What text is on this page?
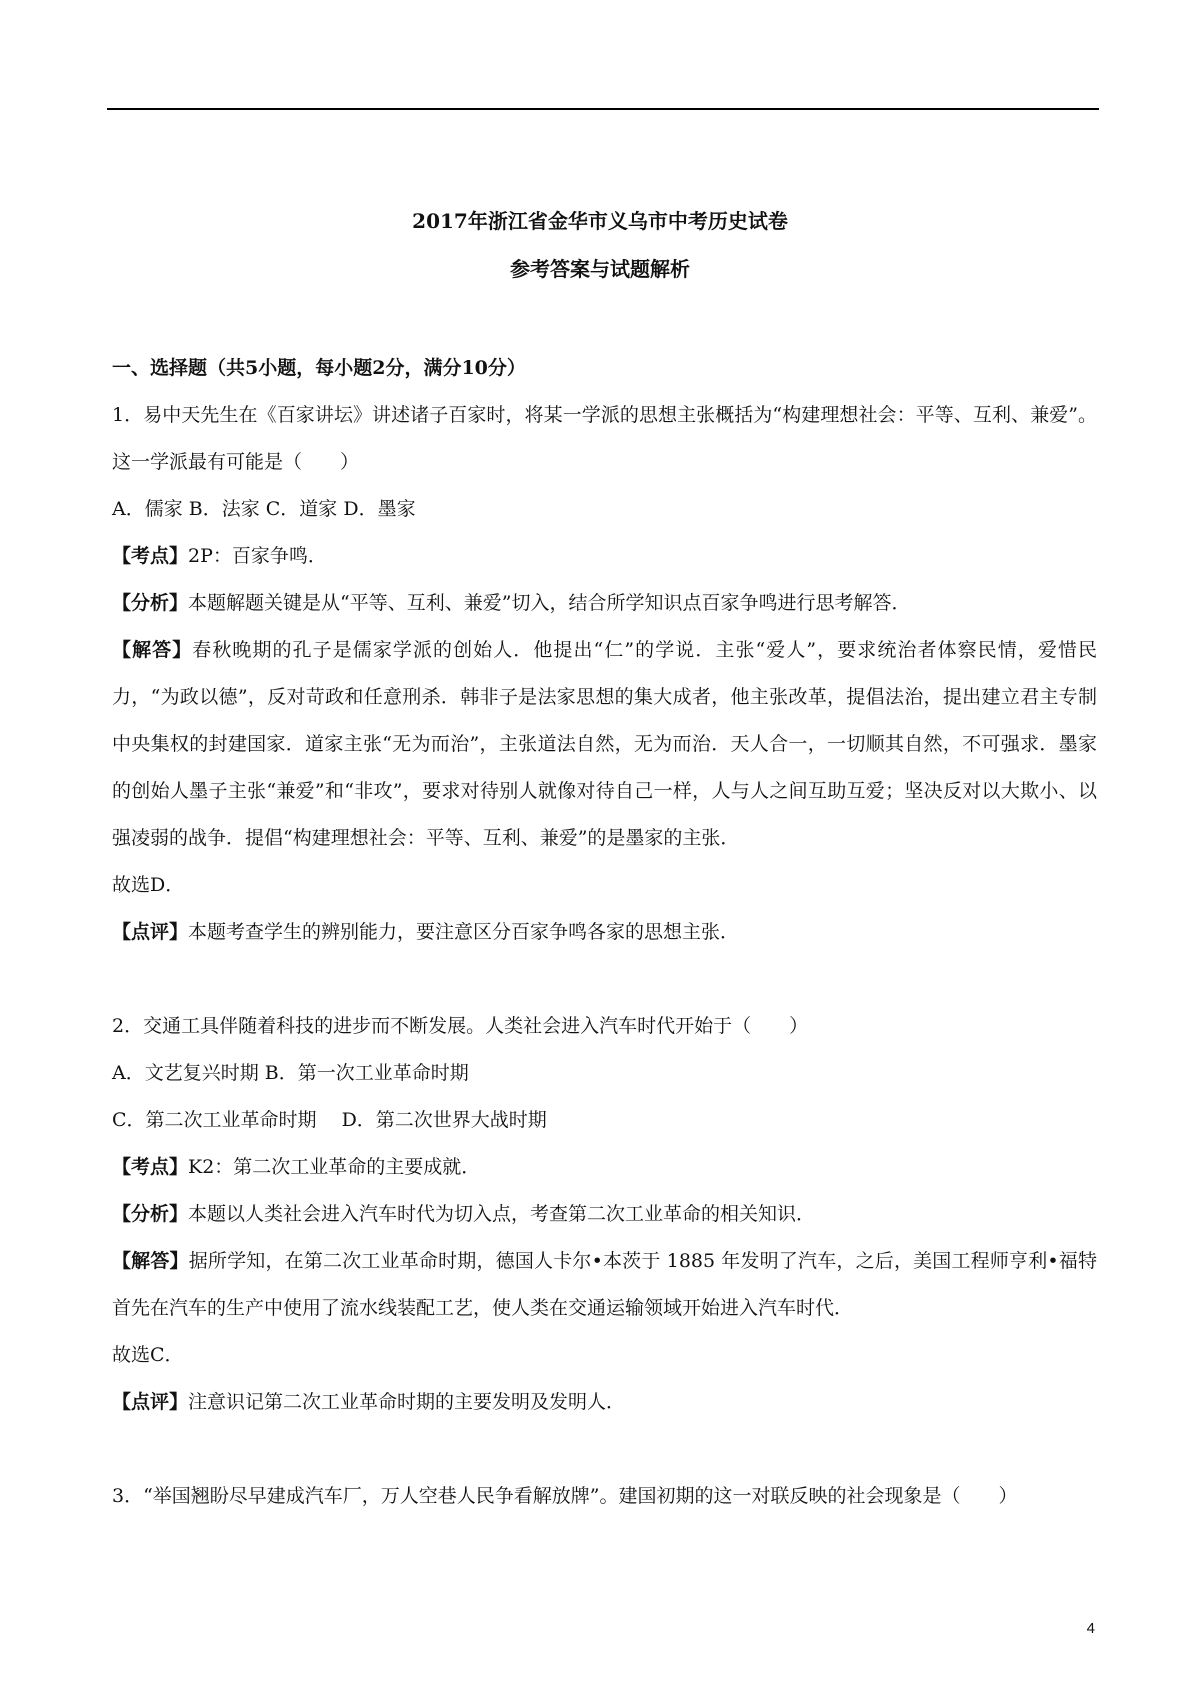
2017年浙江省金华市义乌市中考历史试卷
参考答案与试题解析

一、选择题（共5小题，每小题2分，满分10分）

1．易中天先生在《百家讲坛》讲述诸子百家时，将某一学派的思想主张概括为“构建理想社会：平等、互利、兼爱”。这一学派最有可能是（　　）

A．儒家 B．法家 C．道家 D．墨家

【考点】2P：百家争鸣．

【分析】本题解题关键是从“平等、互利、兼爱”切入，结合所学知识点百家争鸣进行思考解答．

【解答】春秋晚期的孔子是儒家学派的创始人．他提出“仁”的学说．主张“爱人”，要求统治者体察民情，爱惜民力，“为政以德”，反对苛政和任意刑杀．韩非子是法家思想的集大成者，他主张改革，提倡法治，提出建立君主专制中央集权的封建国家．道家主张“无为而治”，主张道法自然，无为而治．天人合一，一切顺其自然，不可强求．墨家的创始人墨子主张“兼爱”和“非攻”，要求对待别人就像对待自己一样，人与人之间互助互爱；坚决反对以大欺小、以强凌弱的战争．提倡“构建理想社会：平等、互利、兼爱”的是墨家的主张．

故选D．

【点评】本题考查学生的辨别能力，要注意区分百家争鸣各家的思想主张．

2．交通工具伴随着科技的进步而不断发展。人类社会进入汽车时代开始于（　　）

A．文艺复兴时期 B．第一次工业革命时期

C．第二次工业革命时期　 D．第二次世界大战时期

【考点】K2：第二次工业革命的主要成就．

【分析】本题以人类社会进入汽车时代为切入点，考查第二次工业革命的相关知识．

【解答】据所学知，在第二次工业革命时期，德国人卡尔•本茨于 1885 年发明了汽车，之后，美国工程师亨利•福特首先在汽车的生产中使用了流水线装配工艺，使人类在交通运输领域开始进入汽车时代．

故选C．

【点评】注意识记第二次工业革命时期的主要发明及发明人．

3．“举国翘盼尽早建成汽车厂，万人空巷人民争看解放牌”。建国初期的这一对联反映的社会现象是（　　）

4
